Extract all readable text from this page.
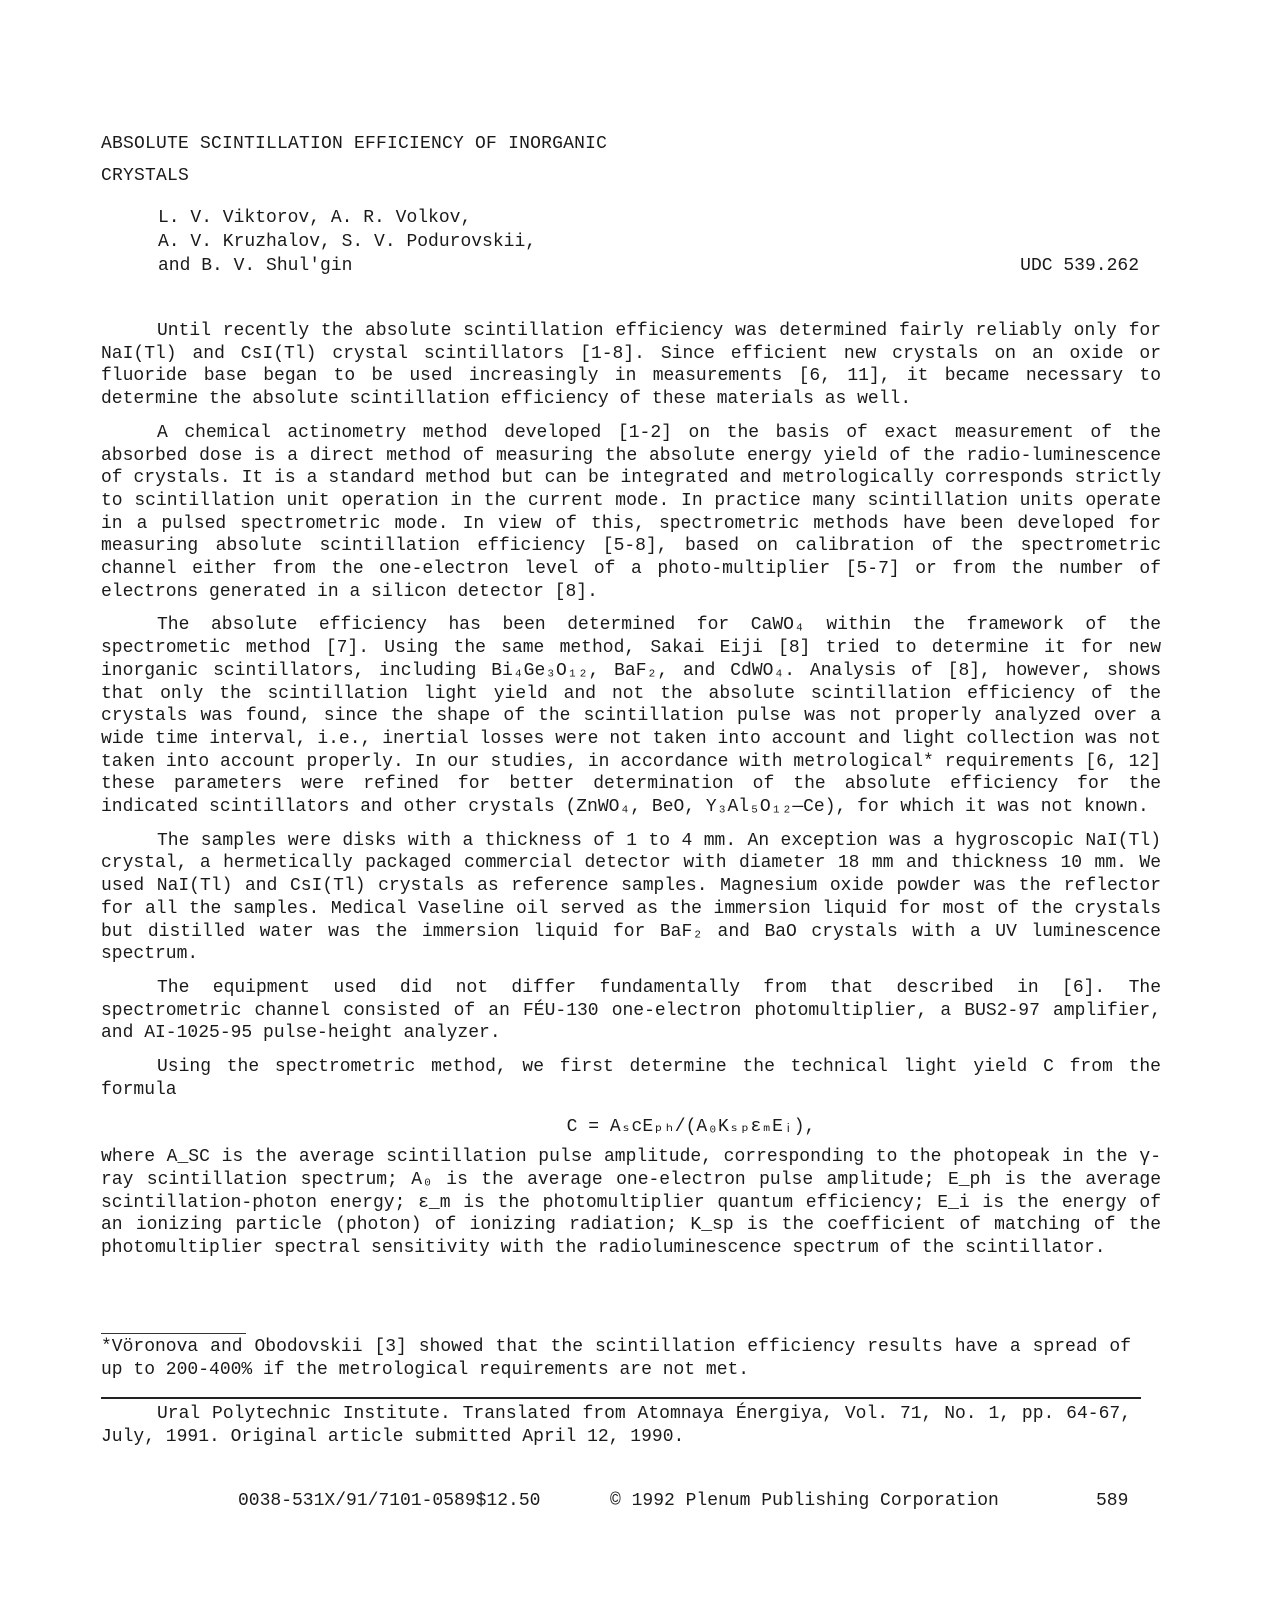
ABSOLUTE SCINTILLATION EFFICIENCY OF INORGANIC
CRYSTALS
L. V. Viktorov, A. R. Volkov,
A. V. Kruzhalov, S. V. Podurovskii,
and B. V. Shul'gin	UDC 539.262

Until recently the absolute scintillation efficiency was determined fairly reliably only for NaI(Tl) and CsI(Tl) crystal scintillators [1-8]. Since efficient new crystals on an oxide or fluoride base began to be used increasingly in measurements [6, 11], it became necessary to determine the absolute scintillation efficiency of these materials as well.

A chemical actinometry method developed [1-2] on the basis of exact measurement of the absorbed dose is a direct method of measuring the absolute energy yield of the radio-luminescence of crystals. It is a standard method but can be integrated and metrologically corresponds strictly to scintillation unit operation in the current mode. In practice many scintillation units operate in a pulsed spectrometric mode. In view of this, spectrometric methods have been developed for measuring absolute scintillation efficiency [5-8], based on calibration of the spectrometric channel either from the one-electron level of a photo-multiplier [5-7] or from the number of electrons generated in a silicon detector [8].

The absolute efficiency has been determined for CaWO₄ within the framework of the spectrometic method [7]. Using the same method, Sakai Eiji [8] tried to determine it for new inorganic scintillators, including Bi₄Ge₃O₁₂, BaF₂, and CdWO₄. Analysis of [8], however, shows that only the scintillation light yield and not the absolute scintillation efficiency of the crystals was found, since the shape of the scintillation pulse was not properly analyzed over a wide time interval, i.e., inertial losses were not taken into account and light collection was not taken into account properly. In our studies, in accordance with metrological* requirements [6, 12] these parameters were refined for better determination of the absolute efficiency for the indicated scintillators and other crystals (ZnWO₄, BeO, Y₃Al₅O₁₂—Ce), for which it was not known.

The samples were disks with a thickness of 1 to 4 mm. An exception was a hygroscopic NaI(Tl) crystal, a hermetically packaged commercial detector with diameter 18 mm and thickness 10 mm. We used NaI(Tl) and CsI(Tl) crystals as reference samples. Magnesium oxide powder was the reflector for all the samples. Medical Vaseline oil served as the immersion liquid for most of the crystals but distilled water was the immersion liquid for BaF₂ and BaO crystals with a UV luminescence spectrum.

The equipment used did not differ fundamentally from that described in [6]. The spectrometric channel consisted of an FÉU-130 one-electron photomultiplier, a BUS2-97 amplifier, and AI-1025-95 pulse-height analyzer.

Using the spectrometric method, we first determine the technical light yield C from the formula

C = AₛᴄEₚₕ/(A₀KₛₚεₘEᵢ),

where A_SC is the average scintillation pulse amplitude, corresponding to the photopeak in the γ-ray scintillation spectrum; A₀ is the average one-electron pulse amplitude; E_ph is the average scintillation-photon energy; ε_m is the photomultiplier quantum efficiency; E_i is the energy of an ionizing particle (photon) of ionizing radiation; K_sp is the coefficient of matching of the photomultiplier spectral sensitivity with the radioluminescence spectrum of the scintillator.

*Vöronova and Obodovskii [3] showed that the scintillation efficiency results have a spread of up to 200-400% if the metrological requirements are not met.
Ural Polytechnic Institute. Translated from Atomnaya Énergiya, Vol. 71, No. 1, pp. 64-67, July, 1991. Original article submitted April 12, 1990.
0038-531X/91/7101-0589$12.50	© 1992 Plenum Publishing Corporation	589
